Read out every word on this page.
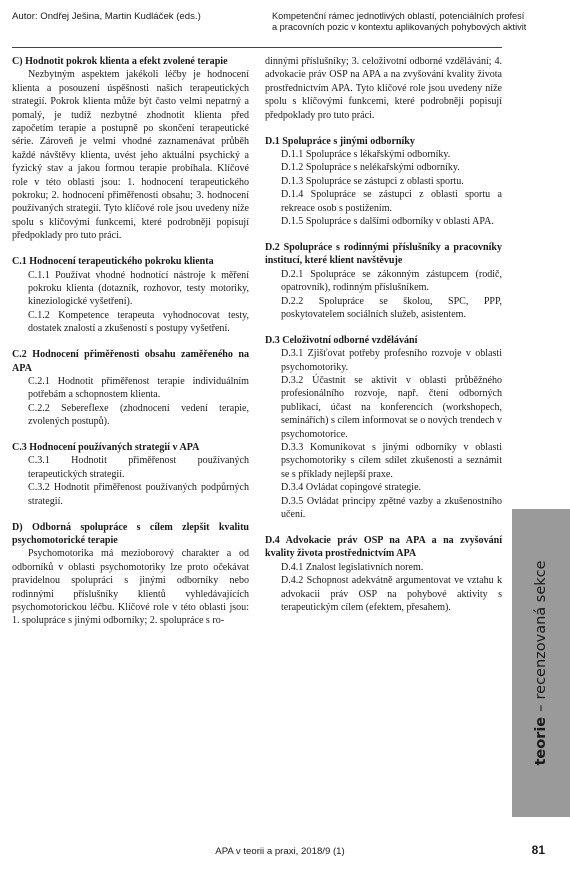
Autor: Ondřej Ješina, Martin Kudláček (eds.)	Kompetenční rámec jednotlivých oblastí, potenciálních profesí
a pracovních pozic v kontextu aplikovaných pohybových aktivit

C) Hodnotit pokrok klienta a efekt zvolené terapie

Nezbytným aspektem jakékoli léčby je hodnocení klienta a posouzení úspěšnosti našich terapeutických strategií. Pokrok klienta může být často velmi nepatrný a pomalý, je tudíž nezbytné zhodnotit klienta před započetím terapie a postupně po skončení terapeutické série. Zároveň je velmi vhodné zaznamenávat průběh každé návštěvy klienta, uvést jeho aktuální psychický a fyzický stav a jakou formou terapie probíhala. Klíčové role v této oblasti jsou: 1. hodnocení terapeutického pokroku; 2. hodnocení přiměřenosti obsahu; 3. hodnocení používaných strategií. Tyto klíčové role jsou uvedeny níže spolu s klíčovými funkcemi, které podrobněji popisují předpoklady pro tuto práci.

C.1 Hodnocení terapeutického pokroku klienta

C.1.1 Používat vhodné hodnotící nástroje k měření pokroku klienta (dotazník, rozhovor, testy motoriky, kineziologické vyšetření).

C.1.2 Kompetence terapeuta vyhodnocovat testy, dostatek znalostí a zkušeností s postupy vyšetření.

C.2 Hodnocení přiměřenosti obsahu zaměřeného na APA

C.2.1 Hodnotit přiměřenost terapie individuálním potřebám a schopnostem klienta.

C.2.2 Sebereflexe (zhodnocení vedení terapie, zvolených postupů).

C.3 Hodnocení používaných strategií v APA

C.3.1 Hodnotit přiměřenost používaných terapeutických strategií.

C.3.2 Hodnotit přiměřenost používaných podpůrných strategií.

D) Odborná spolupráce s cílem zlepšit kvalitu psychomotorické terapie

Psychomotorika má mezioborový charakter a od odborníků v oblasti psychomotoriky lze proto očekávat pravidelnou spolupráci s jinými odborníky nebo rodinnými příslušníky klientů vyhledávajících psychomotorickou léčbu. Klíčové role v této oblasti jsou: 1. spolupráce s jinými odborníky; 2. spolupráce s ro-

dinnými příslušníky; 3. celoživotní odborné vzdělávání; 4. advokacie práv OSP na APA a na zvyšování kvality života prostřednictvím APA. Tyto klíčové role jsou uvedeny níže spolu s klíčovými funkcemi, které podrobněji popisují předpoklady pro tuto práci.

D.1 Spolupráce s jinými odborníky

D.1.1 Spolupráce s lékařskými odborníky.

D.1.2 Spolupráce s nelékařskými odborníky.

D.1.3 Spolupráce se zástupci z oblasti sportu.

D.1.4 Spolupráce se zástupci z oblasti sportu a rekreace osob s postižením.

D.1.5 Spolupráce s dalšími odborníky v oblasti APA.

D.2 Spolupráce s rodinnými příslušníky a pracovníky institucí, které klient navštěvuje

D.2.1 Spolupráce se zákonným zástupcem (rodič, opatrovník), rodinným příslušníkem.

D.2.2 Spolupráce se školou, SPC, PPP, poskytovatelem sociálních služeb, asistentem.

D.3 Celoživotní odborné vzdělávání

D.3.1 Zjišťovat potřeby profesního rozvoje v oblasti psychomotoriky.

D.3.2 Účastnit se aktivit v oblasti průběžného profesionálního rozvoje, např. čtení odborných publikací, účast na konferencích (workshopech, seminářích) s cílem informovat se o nových trendech v psychomotorice.

D.3.3 Komunikovat s jinými odborníky v oblasti psychomotoriky s cílem sdílet zkušenosti a seznámit se s příklady nejlepší praxe.

D.3.4 Ovládat copingové strategie.

D.3.5 Ovládat principy zpětné vazby a zkušenostního učení.

D.4 Advokacie práv OSP na APA a na zvyšování kvality života prostřednictvím APA

D.4.1 Znalost legislativních norem.

D.4.2 Schopnost adekvátně argumentovat ve vztahu k advokacii práv OSP na pohybové aktivity s terapeutickým cílem (efektem, přesahem).

teorie – recenzovaná sekce
APA v teorii a praxi, 2018/9 (1)	81
